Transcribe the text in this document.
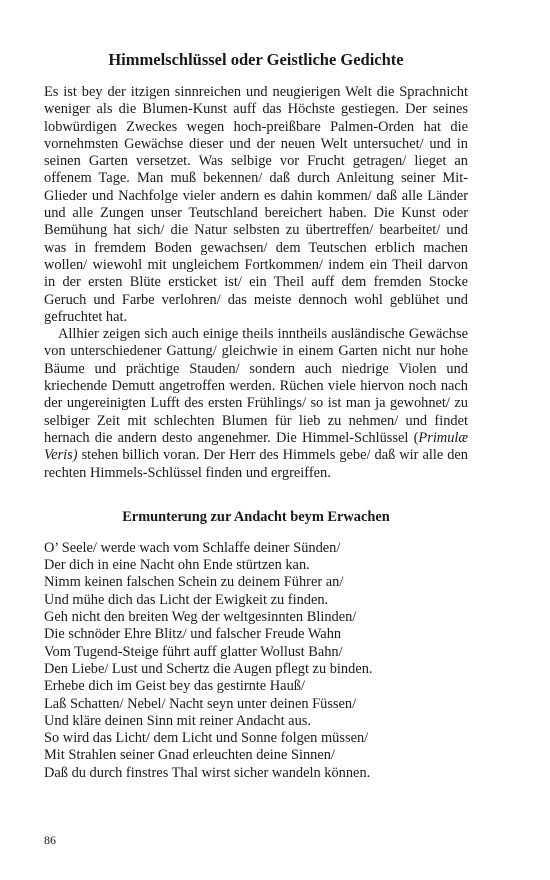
Himmelschlüssel oder Geistliche Gedichte

Es ist bey der itzigen sinnreichen und neugierigen Welt die Sprachnicht weniger als die Blumen-Kunst auff das Höchste gestiegen. Der seines lobwürdigen Zweckes wegen hoch-preißbare Palmen-Orden hat die vornehmsten Gewächse dieser und der neuen Welt untersuchet/ und in seinen Garten versetzet. Was selbige vor Frucht getragen/ lieget an offenem Tage. Man muß bekennen/ daß durch Anleitung seiner Mit-Glieder und Nachfolge vieler andern es dahin kommen/ daß alle Länder und alle Zungen unser Teutschland bereichert haben. Die Kunst oder Bemühung hat sich/ die Natur selbsten zu übertreffen/ bearbeitet/ und was in fremdem Boden gewachsen/ dem Teutschen erblich machen wollen/ wiewohl mit ungleichem Fortkommen/ indem ein Theil darvon in der ersten Blüte ersticket ist/ ein Theil auff dem fremden Stocke Geruch und Farbe verlohren/ das meiste dennoch wohl geblühet und gefruchtet hat.

Allhier zeigen sich auch einige theils inntheils ausländische Gewächse von unterschiedener Gattung/ gleichwie in einem Garten nicht nur hohe Bäume und prächtige Stauden/ sondern auch niedrige Violen und kriechende Demutt angetroffen werden. Rüchen viele hiervon noch nach der ungereinigten Lufft des ersten Frühlings/ so ist man ja gewohnet/ zu selbiger Zeit mit schlechten Blumen für lieb zu nehmen/ und findet hernach die andern desto angenehmer. Die Himmel-Schlüssel (Primulæ Veris) stehen billich voran. Der Herr des Himmels gebe/ daß wir alle den rechten Himmels-Schlüssel finden und ergreiffen.

Ermunterung zur Andacht beym Erwachen
O’ Seele/ werde wach vom Schlaffe deiner Sünden/
Der dich in eine Nacht ohn Ende stürtzen kan.
Nimm keinen falschen Schein zu deinem Führer an/
Und mühe dich das Licht der Ewigkeit zu finden.
Geh nicht den breiten Weg der weltgesinnten Blinden/
Die schnöder Ehre Blitz/ und falscher Freude Wahn
Vom Tugend-Steige führt auff glatter Wollust Bahn/
Den Liebe/ Lust und Schertz die Augen pflegt zu binden.
Erhebe dich im Geist bey das gestirnte Hauß/
Laß Schatten/ Nebel/ Nacht seyn unter deinen Füssen/
Und kläre deinen Sinn mit reiner Andacht aus.
So wird das Licht/ dem Licht und Sonne folgen müssen/
Mit Strahlen seiner Gnad erleuchten deine Sinnen/
Daß du durch finstres Thal wirst sicher wandeln können.
86
